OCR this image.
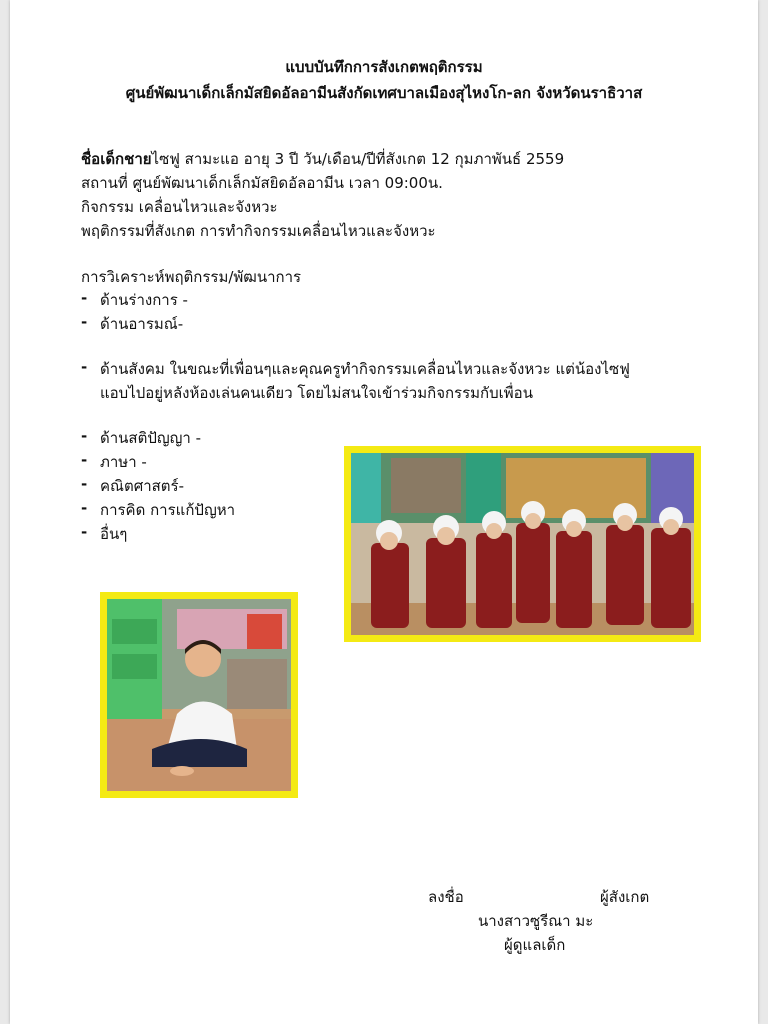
แบบบันทึกการสังเกตพฤติกรรม
ศูนย์พัฒนาเด็กเล็กมัสยิดอัลอามีนสังกัดเทศบาลเมืองสุไหงโก-ลก จังหวัดนราธิวาส
ชื่อเด็กชายไซฟู สามะแอ อายุ 3 ปี วัน/เดือน/ปีที่สังเกต 12 กุมภาพันธ์ 2559
สถานที่ ศูนย์พัฒนาเด็กเล็กมัสยิดอัลอามีน เวลา 09:00น.
กิจกรรม เคลื่อนไหวและจังหวะ
พฤติกรรมที่สังเกต การทำกิจกรรมเคลื่อนไหวและจังหวะ
การวิเคราะห์พฤติกรรม/พัฒนาการ
- ด้านร่างการ -
- ด้านอารมณ์-
- ด้านสังคม ในขณะที่เพื่อนๆและคุณครูทำกิจกรรมเคลื่อนไหวและจังหวะ แต่น้องไซฟู
แอบไปอยู่หลังห้องเล่นคนเดียว โดยไม่สนใจเข้าร่วมกิจกรรมกับเพื่อน
- ด้านสติปัญญา -
- ภาษา -
- คณิตศาสตร์-
- การคิด การแก้ปัญหา
- อื่นๆ
ลงชื่อ	ผู้สังเกต
นางสาวซูรีณา มะ
ผู้ดูแลเด็ก
